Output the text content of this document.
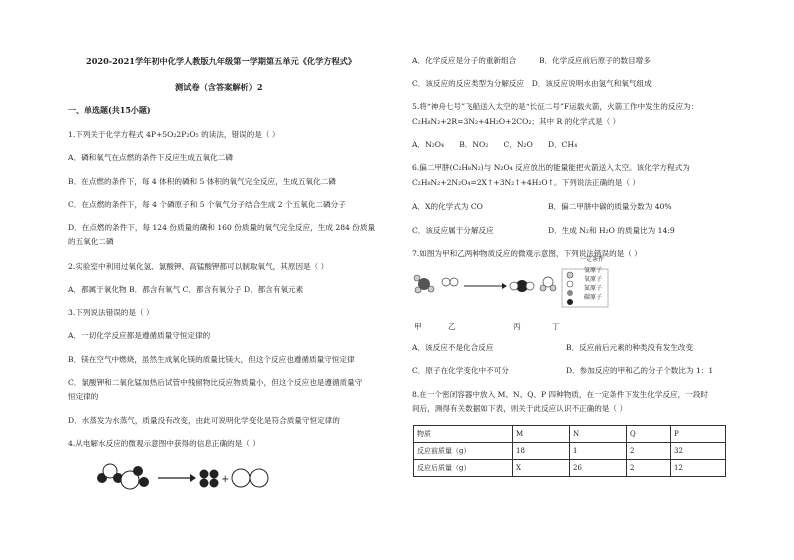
2020-2021学年初中化学人教版九年级第一学期第五单元《化学方程式》
测试卷（含答案解析）2
一、单选题(共15小题)
1.下列关于化学方程式 4P+5O₂2P₂O₅ 的读法，错误的是（ ）
A．磷和氧气在点燃的条件下反应生成五氧化二磷
B．在点燃的条件下，每 4 体积的磷和 5 体积的氧气完全反应，生成五氧化二磷
C．在点燃的条件下，每 4 个磷原子和 5 个氧气分子结合生成 2 个五氧化二磷分子
D．在点燃的条件下，每 124 份质量的磷和 160 份质量的氧气完全反应，生成 284 份质量
的五氧化二磷
2.实验室中利用过氧化氢、氯酸钾、高锰酸钾都可以制取氧气，其原因是（ ）
A．都属于氧化物 B．都含有氧气 C．都含有氧分子 D．都含有氧元素
3.下列说法错误的是（ ）
A．一切化学反应都是遵循质量守恒定律的
B．镁在空气中燃烧，虽然生成氧化镁的质量比镁大，但这个反应也遵循质量守恒定律
C．氯酸钾和二氧化锰加热后试管中残留物比反应物质量小，但这个反应也是遵循质量守
恒定律的
D．水蒸发为水蒸气，质量没有改变，由此可说明化学变化是符合质量守恒定律的
4.从电解水反应的微观示意图中获得的信息正确的是（ ）
+
A．化学反应是分子的重新组合　　　B．化学反应前后原子的数目增多
C．该反应的反应类型为分解反应　D．该反应说明水由氢气和氧气组成
5.将“神舟七号”飞船送入太空的是“长征二号”F运载火箭，火箭工作中发生的反应为：
C₂H₈N₂+2R=3N₂+4H₂O+2CO₂；其中 R 的化学式是（ ）
A．N₂O₄　　B．NO₂　　C．N₂O　　D．CH₄
6.偏二甲肼(C₂H₈N₂)与 N₂O₄ 反应放出的能量能把火箭送入太空。该化学方程式为
C₂H₈N₂+2N₂O₄=2X↑+3N₂↑+4H₂O↑。下列说法正确的是（ ）
A．X的化学式为 CO	B．偏二甲肼中碳的质量分数为 40%
C．该反应属于分解反应	D．生成 N₂和 H₂O 的质量比为 14:9
7.如图为甲和乙两种物质反应的微观示意图，下列说法错误的是（ ）
氢原子
氧原子
氮原子
碳原子
一定条件
甲	乙	丙	丁
A．该反应不是化合反应	B．反应前后元素的种类没有发生改变
C．原子在化学变化中不可分	D．参加反应的甲和乙的分子个数比为 1：1
8.在一个密闭容器中放入 M、N、Q、P 四种物质，在一定条件下发生化学反应，一段时
间后，测得有关数据如下表，则关于此反应认识不正确的是（ ）
物质	M	N	Q	P
反应前质量（g）	18	1	2	32
反应后质量（g）	X	26	2	12
